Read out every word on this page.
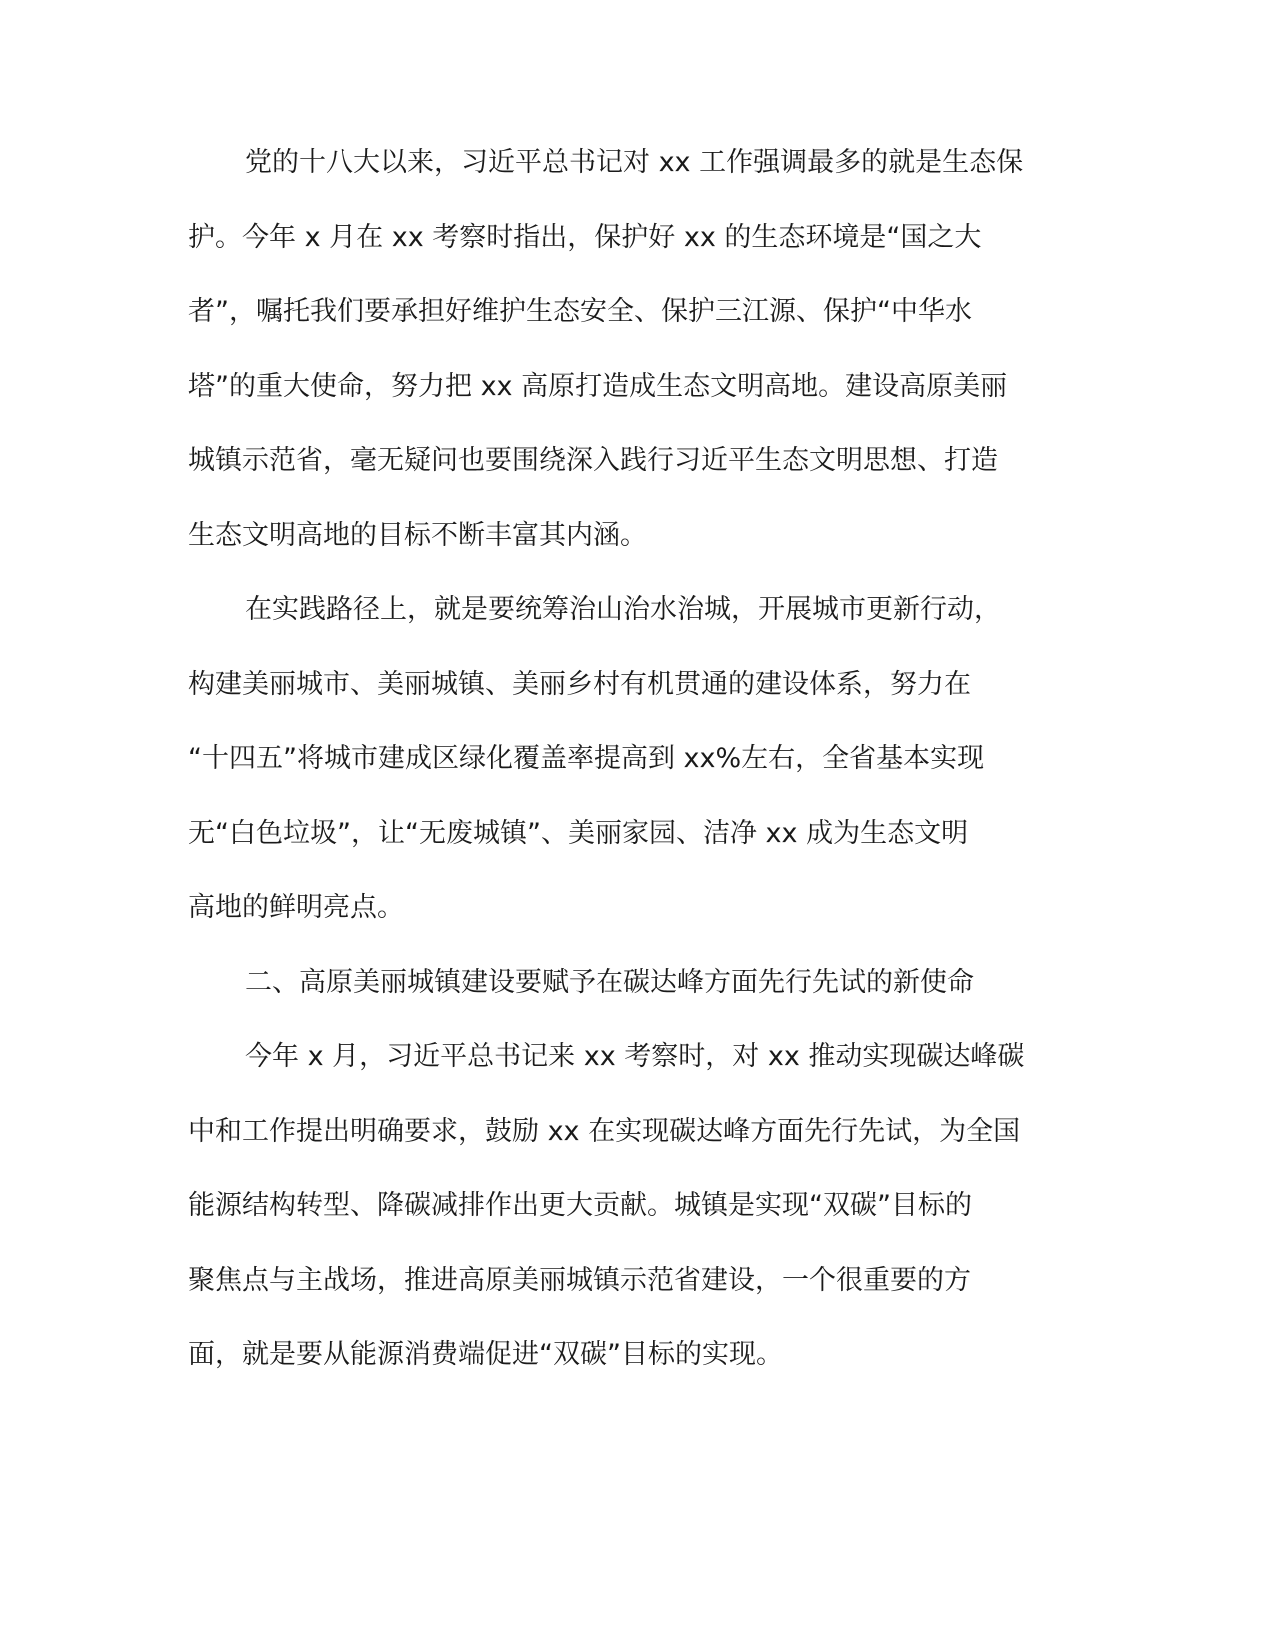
党的十八大以来，习近平总书记对 xx 工作强调最多的就是生态保

护。今年 x 月在 xx 考察时指出，保护好 xx 的生态环境是“国之大

者”，嘱托我们要承担好维护生态安全、保护三江源、保护“中华水

塔”的重大使命，努力把 xx 高原打造成生态文明高地。建设高原美丽

城镇示范省，毫无疑问也要围绕深入践行习近平生态文明思想、打造

生态文明高地的目标不断丰富其内涵。

在实践路径上，就是要统筹治山治水治城，开展城市更新行动，

构建美丽城市、美丽城镇、美丽乡村有机贯通的建设体系，努力在

“十四五”将城市建成区绿化覆盖率提高到 xx%左右，全省基本实现

无“白色垃圾”，让“无废城镇”、美丽家园、洁净 xx 成为生态文明

高地的鲜明亮点。

二、高原美丽城镇建设要赋予在碳达峰方面先行先试的新使命

今年 x 月，习近平总书记来 xx 考察时，对 xx 推动实现碳达峰碳

中和工作提出明确要求，鼓励 xx 在实现碳达峰方面先行先试，为全国

能源结构转型、降碳减排作出更大贡献。城镇是实现“双碳”目标的

聚焦点与主战场，推进高原美丽城镇示范省建设，一个很重要的方

面，就是要从能源消费端促进“双碳”目标的实现。
